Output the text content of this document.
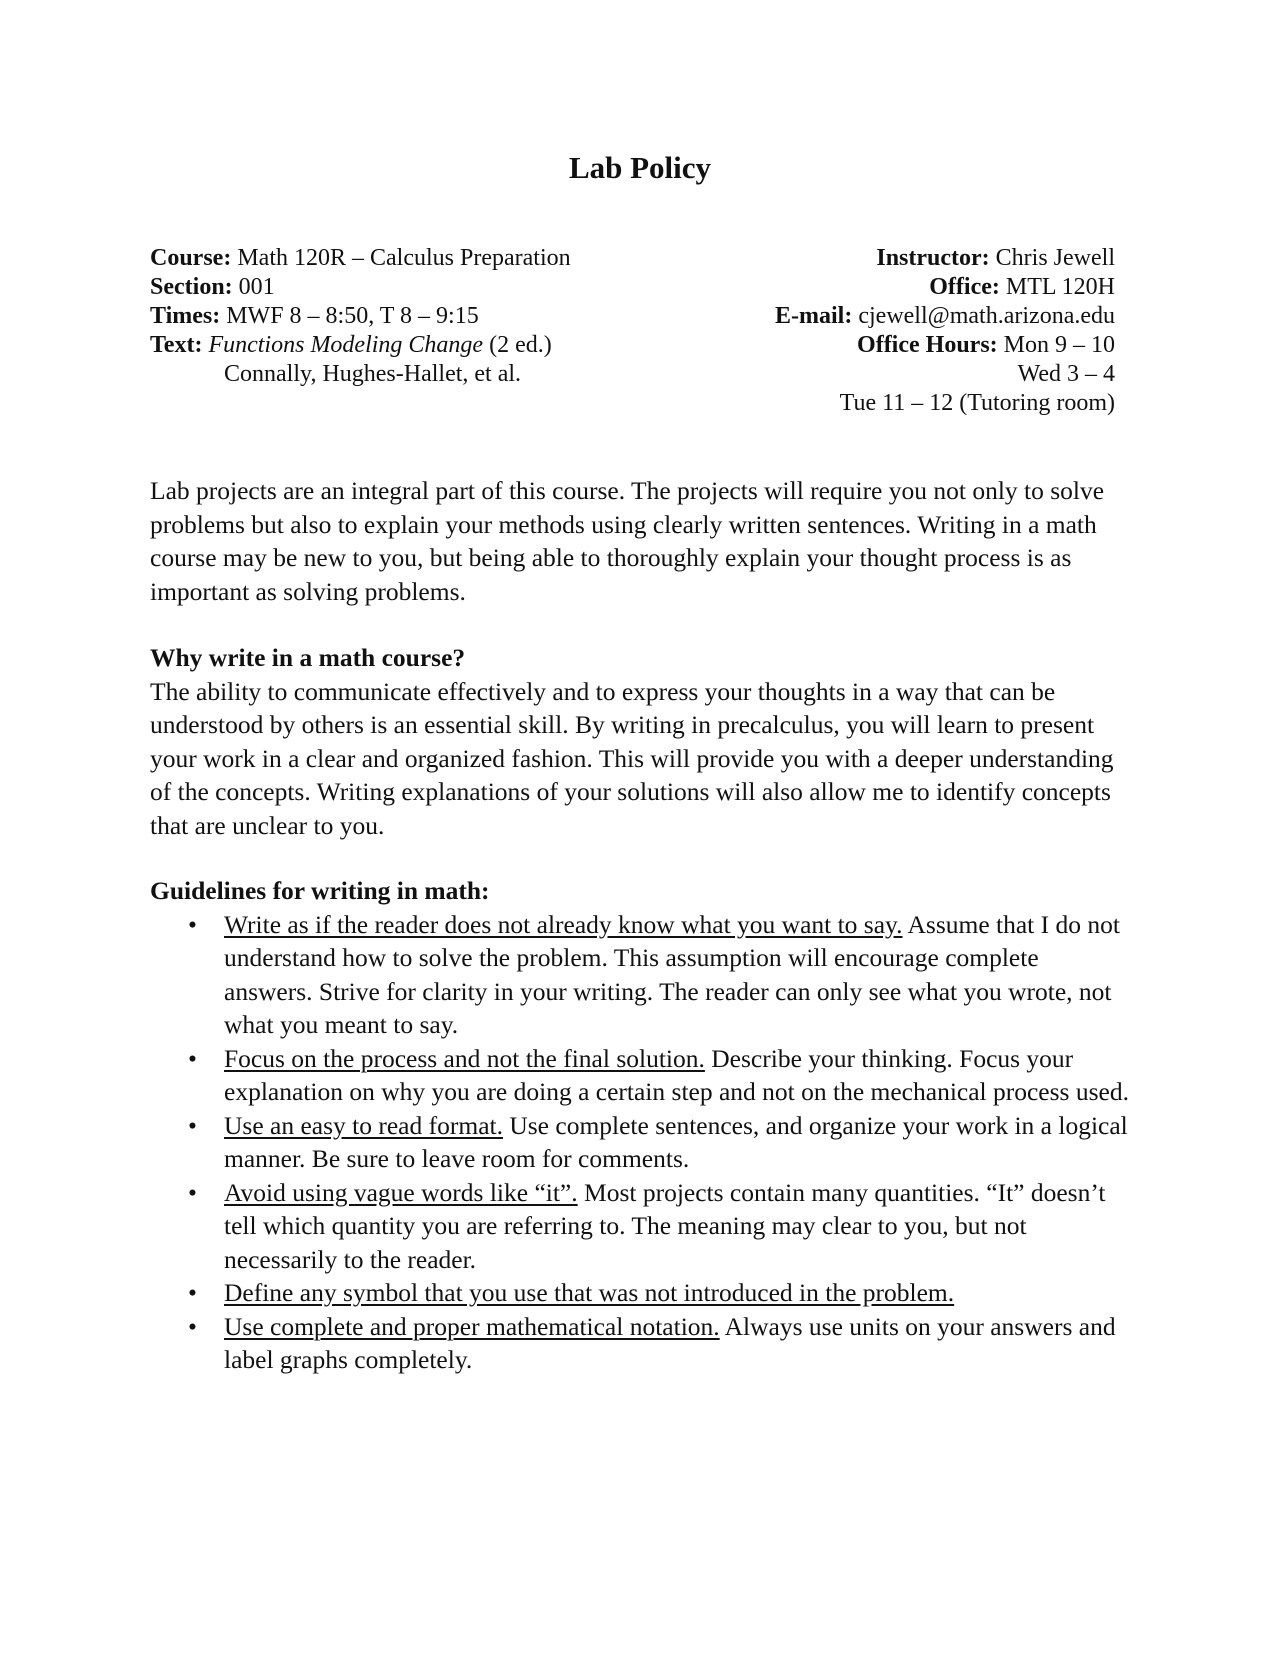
Lab Policy
Course: Math 120R – Calculus Preparation
Section: 001
Times: MWF 8 – 8:50, T 8 – 9:15
Text: Functions Modeling Change (2 ed.)
Connally, Hughes-Hallet, et al.
Instructor: Chris Jewell
Office: MTL 120H
E-mail: cjewell@math.arizona.edu
Office Hours: Mon 9 – 10
Wed 3 – 4
Tue 11 – 12 (Tutoring room)
Lab projects are an integral part of this course. The projects will require you not only to solve problems but also to explain your methods using clearly written sentences. Writing in a math course may be new to you, but being able to thoroughly explain your thought process is as important as solving problems.
Why write in a math course?
The ability to communicate effectively and to express your thoughts in a way that can be understood by others is an essential skill. By writing in precalculus, you will learn to present your work in a clear and organized fashion. This will provide you with a deeper understanding of the concepts. Writing explanations of your solutions will also allow me to identify concepts that are unclear to you.
Guidelines for writing in math:
•	Write as if the reader does not already know what you want to say. Assume that I do not understand how to solve the problem. This assumption will encourage complete answers. Strive for clarity in your writing. The reader can only see what you wrote, not what you meant to say.
•	Focus on the process and not the final solution. Describe your thinking. Focus your explanation on why you are doing a certain step and not on the mechanical process used.
•	Use an easy to read format. Use complete sentences, and organize your work in a logical manner. Be sure to leave room for comments.
•	Avoid using vague words like “it”. Most projects contain many quantities. “It” doesn’t tell which quantity you are referring to. The meaning may clear to you, but not necessarily to the reader.
•	Define any symbol that you use that was not introduced in the problem.
•	Use complete and proper mathematical notation. Always use units on your answers and label graphs completely.
